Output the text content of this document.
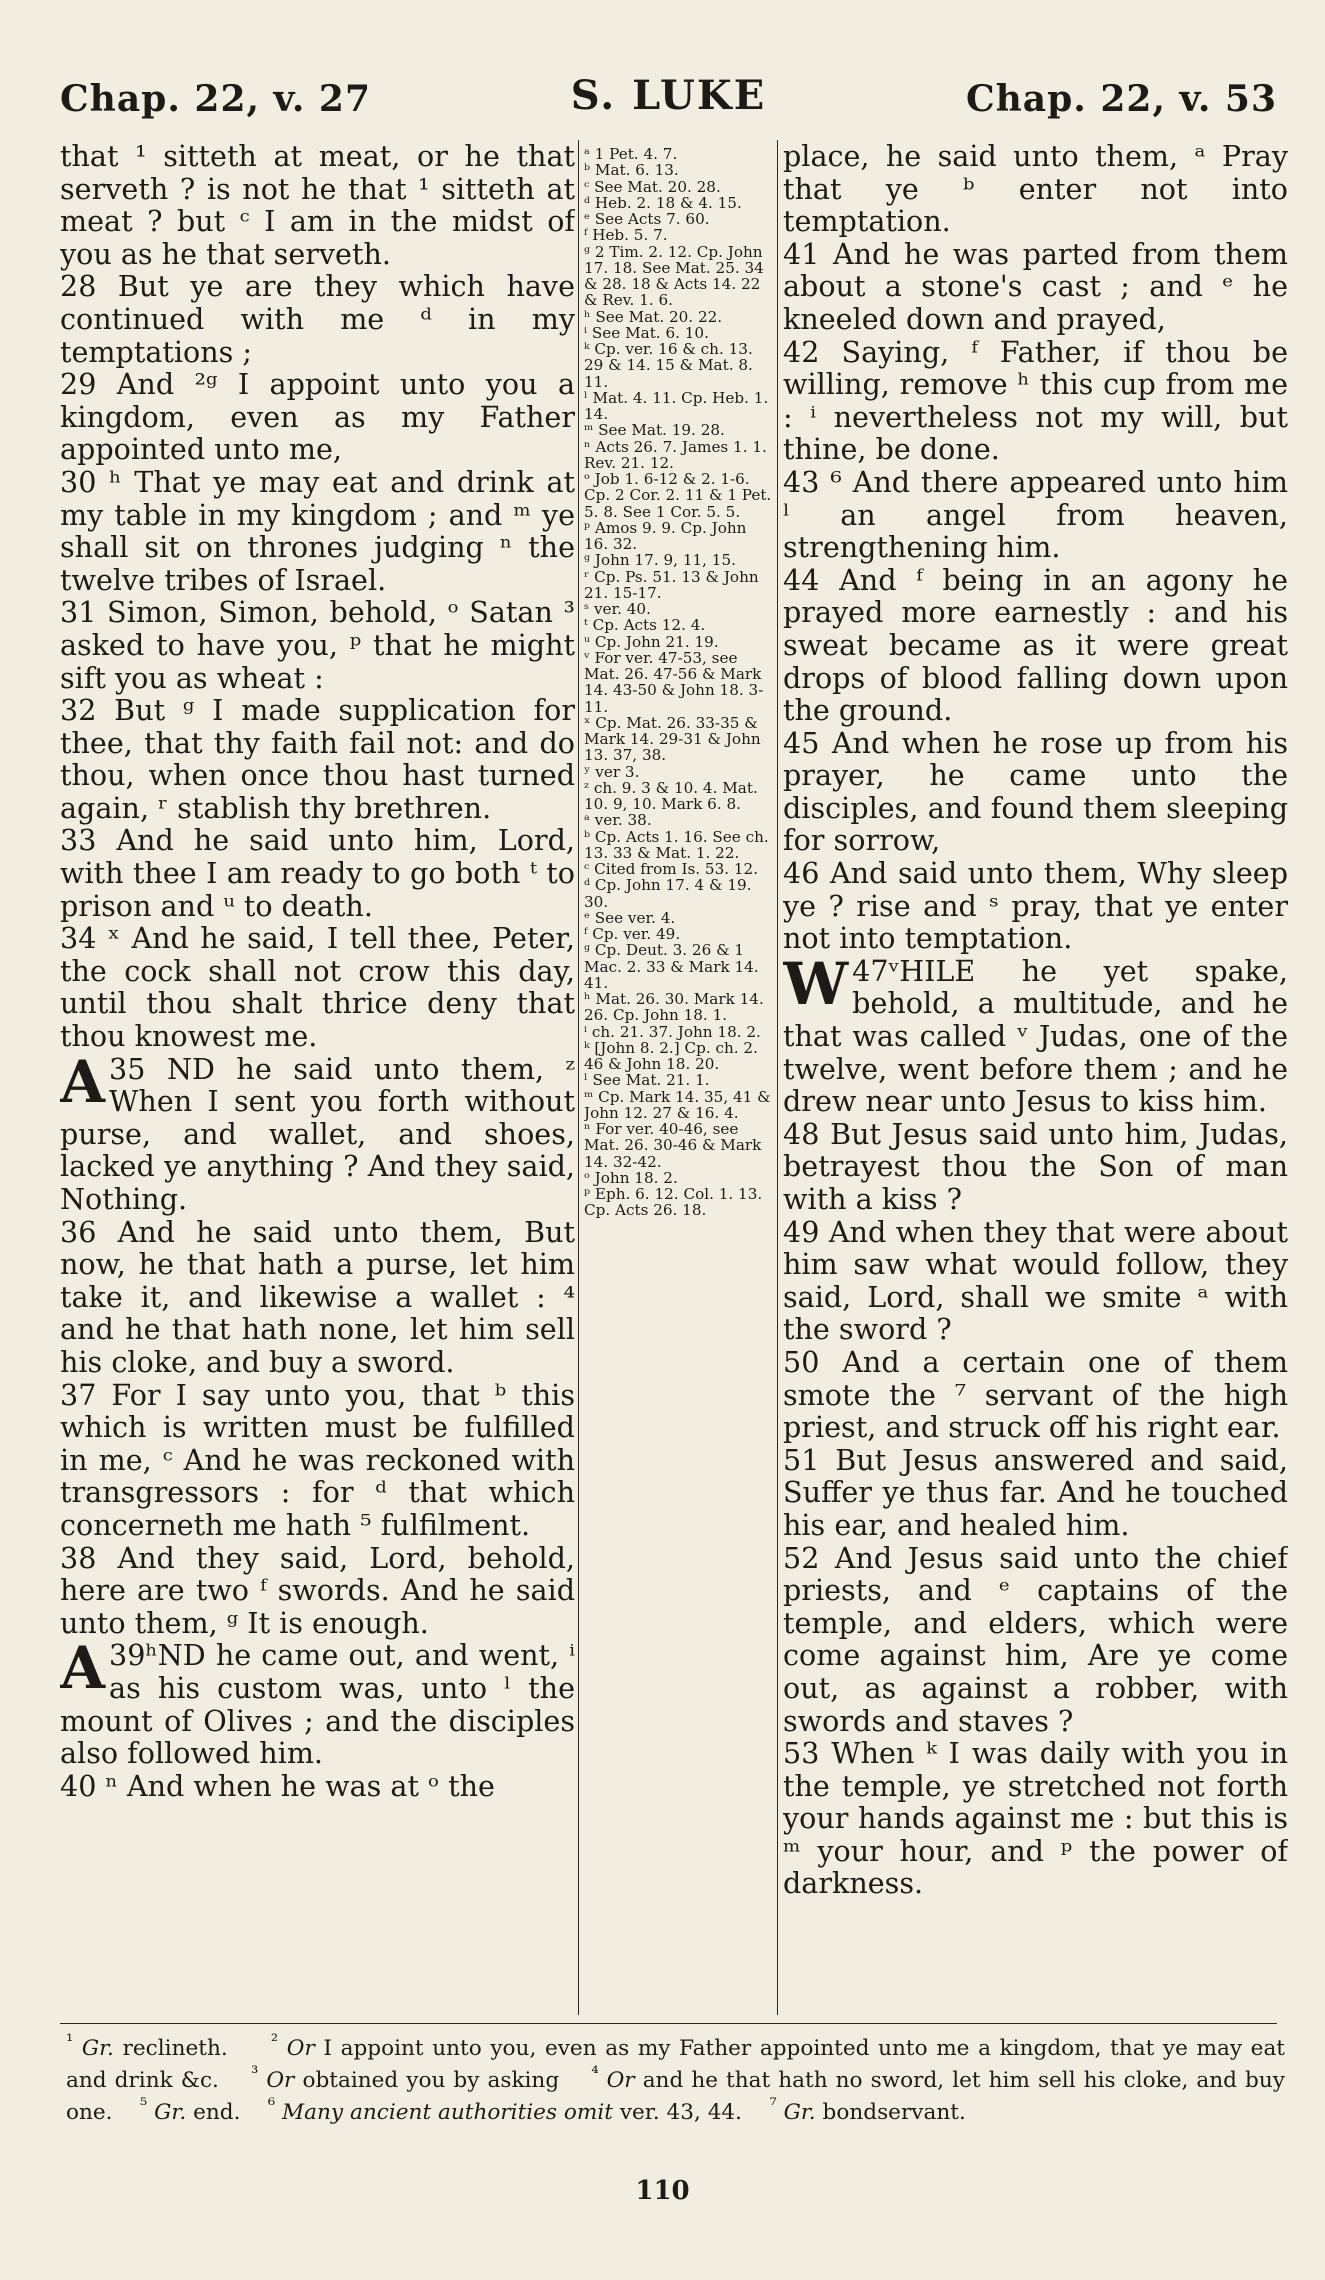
Chap. 22, v. 27	S. LUKE	Chap. 22, v. 53

that ¹ sitteth at meat, or he that serveth ? is not he that ¹ sitteth at meat ? but ᶜ I am in the midst of you as he that serveth.

28 But ye are they which have continued with me ᵈ in my temptations ;

29 And ²ᵍ I appoint unto you a kingdom, even as my Father appointed unto me,

30 ʰ That ye may eat and drink at my table in my kingdom ; and ᵐ ye shall sit on thrones judging ⁿ the twelve tribes of Israel.

31 Simon, Simon, behold, ᵒ Satan ³ asked to have you, ᵖ that he might sift you as wheat :

32 But ᵍ I made supplication for thee, that thy faith fail not: and do thou, when once thou hast turned again, ʳ stablish thy brethren.

33 And he said unto him, Lord, with thee I am ready to go both ᵗ to prison and ᵘ to death.

34 ˣ And he said, I tell thee, Peter, the cock shall not crow this day, until thou shalt thrice deny that thou knowest me.

35
A ND he said unto them, ᶻ When I sent you forth without purse, and wallet, and shoes, lacked ye anything ? And they said, Nothing.

36 And he said unto them, But now, he that hath a purse, let him take it, and likewise a wallet : ⁴ and he that hath none, let him sell his cloke, and buy a sword.

37 For I say unto you, that ᵇ this which is written must be fulfilled in me, ᶜ And he was reckoned with transgressors : for ᵈ that which concerneth me hath ⁵ fulfilment.

38 And they said, Lord, behold, here are two ᶠ swords. And he said unto them, ᵍ It is enough.

39ʰ
A ND he came out, and went, ⁱ as his custom was, unto ˡ the mount of Olives ; and the disciples also followed him.

40 ⁿ And when he was at ᵒ the

ᵃ 1 Pet. 4. 7.

ᵇ Mat. 6. 13.

ᶜ See Mat. 20. 28.

ᵈ Heb. 2. 18 & 4. 15.

ᵉ See Acts 7. 60.

ᶠ Heb. 5. 7.

ᵍ 2 Tim. 2. 12. Cp. John 17. 18. See Mat. 25. 34 & 28. 18 & Acts 14. 22 & Rev. 1. 6.

ʰ See Mat. 20. 22.

ⁱ See Mat. 6. 10.

ᵏ Cp. ver. 16 & ch. 13. 29 & 14. 15 & Mat. 8. 11.

ˡ Mat. 4. 11. Cp. Heb. 1. 14.

ᵐ See Mat. 19. 28.

ⁿ Acts 26. 7. James 1. 1. Rev. 21. 12.

ᵒ Job 1. 6-12 & 2. 1-6. Cp. 2 Cor. 2. 11 & 1 Pet. 5. 8. See 1 Cor. 5. 5.

ᵖ Amos 9. 9. Cp. John 16. 32.

ᵍ John 17. 9, 11, 15.

ʳ Cp. Ps. 51. 13 & John 21. 15-17.

ˢ ver. 40.

ᵗ Cp. Acts 12. 4.

ᵘ Cp. John 21. 19.

ᵛ For ver. 47-53, see Mat. 26. 47-56 & Mark 14. 43-50 & John 18. 3-11.

ˣ Cp. Mat. 26. 33-35 & Mark 14. 29-31 & John 13. 37, 38.

ʸ ver 3.

ᶻ ch. 9. 3 & 10. 4. Mat. 10. 9, 10. Mark 6. 8.

ᵃ ver. 38.

ᵇ Cp. Acts 1. 16. See ch. 13. 33 & Mat. 1. 22.

ᶜ Cited from Is. 53. 12.

ᵈ Cp. John 17. 4 & 19. 30.

ᵉ See ver. 4.

ᶠ Cp. ver. 49.

ᵍ Cp. Deut. 3. 26 & 1 Mac. 2. 33 & Mark 14. 41.

ʰ Mat. 26. 30. Mark 14. 26. Cp. John 18. 1.

ⁱ ch. 21. 37. John 18. 2.

ᵏ [John 8. 2.] Cp. ch. 2. 46 & John 18. 20.

ˡ See Mat. 21. 1.

ᵐ Cp. Mark 14. 35, 41 & John 12. 27 & 16. 4.

ⁿ For ver. 40-46, see Mat. 26. 30-46 & Mark 14. 32-42.

ᵒ John 18. 2.

ᵖ Eph. 6. 12. Col. 1. 13. Cp. Acts 26. 18.

place, he said unto them, ᵃ Pray that ye ᵇ enter not into temptation.

41 And he was parted from them about a stone's cast ; and ᵉ he kneeled down and prayed,

42 Saying, ᶠ Father, if thou be willing, remove ʰ this cup from me : ⁱ nevertheless not my will, but thine, be done.

43 ⁶ And there appeared unto him ˡ an angel from heaven, strengthening him.

44 And ᶠ being in an agony he prayed more earnestly : and his sweat became as it were great drops of blood falling down upon the ground.

45 And when he rose up from his prayer, he came unto the disciples, and found them sleeping for sorrow,

46 And said unto them, Why sleep ye ? rise and ˢ pray, that ye enter not into temptation.

47ᵛ
W HILE he yet spake, behold, a multitude, and he that was called ᵛ Judas, one of the twelve, went before them ; and he drew near unto Jesus to kiss him.

48 But Jesus said unto him, Judas, betrayest thou the Son of man with a kiss ?

49 And when they that were about him saw what would follow, they said, Lord, shall we smite ᵃ with the sword ?

50 And a certain one of them smote the ⁷ servant of the high priest, and struck off his right ear.

51 But Jesus answered and said, Suffer ye thus far. And he touched his ear, and healed him.

52 And Jesus said unto the chief priests, and ᵉ captains of the temple, and elders, which were come against him, Are ye come out, as against a robber, with swords and staves ?

53 When ᵏ I was daily with you in the temple, ye stretched not forth your hands against me : but this is ᵐ your hour, and ᵖ the power of darkness.

$^{^1}$ Gr. reclineth. $^{^2}$ Or I appoint unto you, even as my Father appointed unto me a kingdom, that ye may eat and drink &c. $^{^3}$ Or obtained you by asking $^{^4}$ Or and he that hath no sword, let him sell his cloke, and buy one. $^{^5}$ Gr. end. $^{^6}$ Many ancient authorities omit ver. 43, 44. $^{^7}$ Gr. bondservant.

110
